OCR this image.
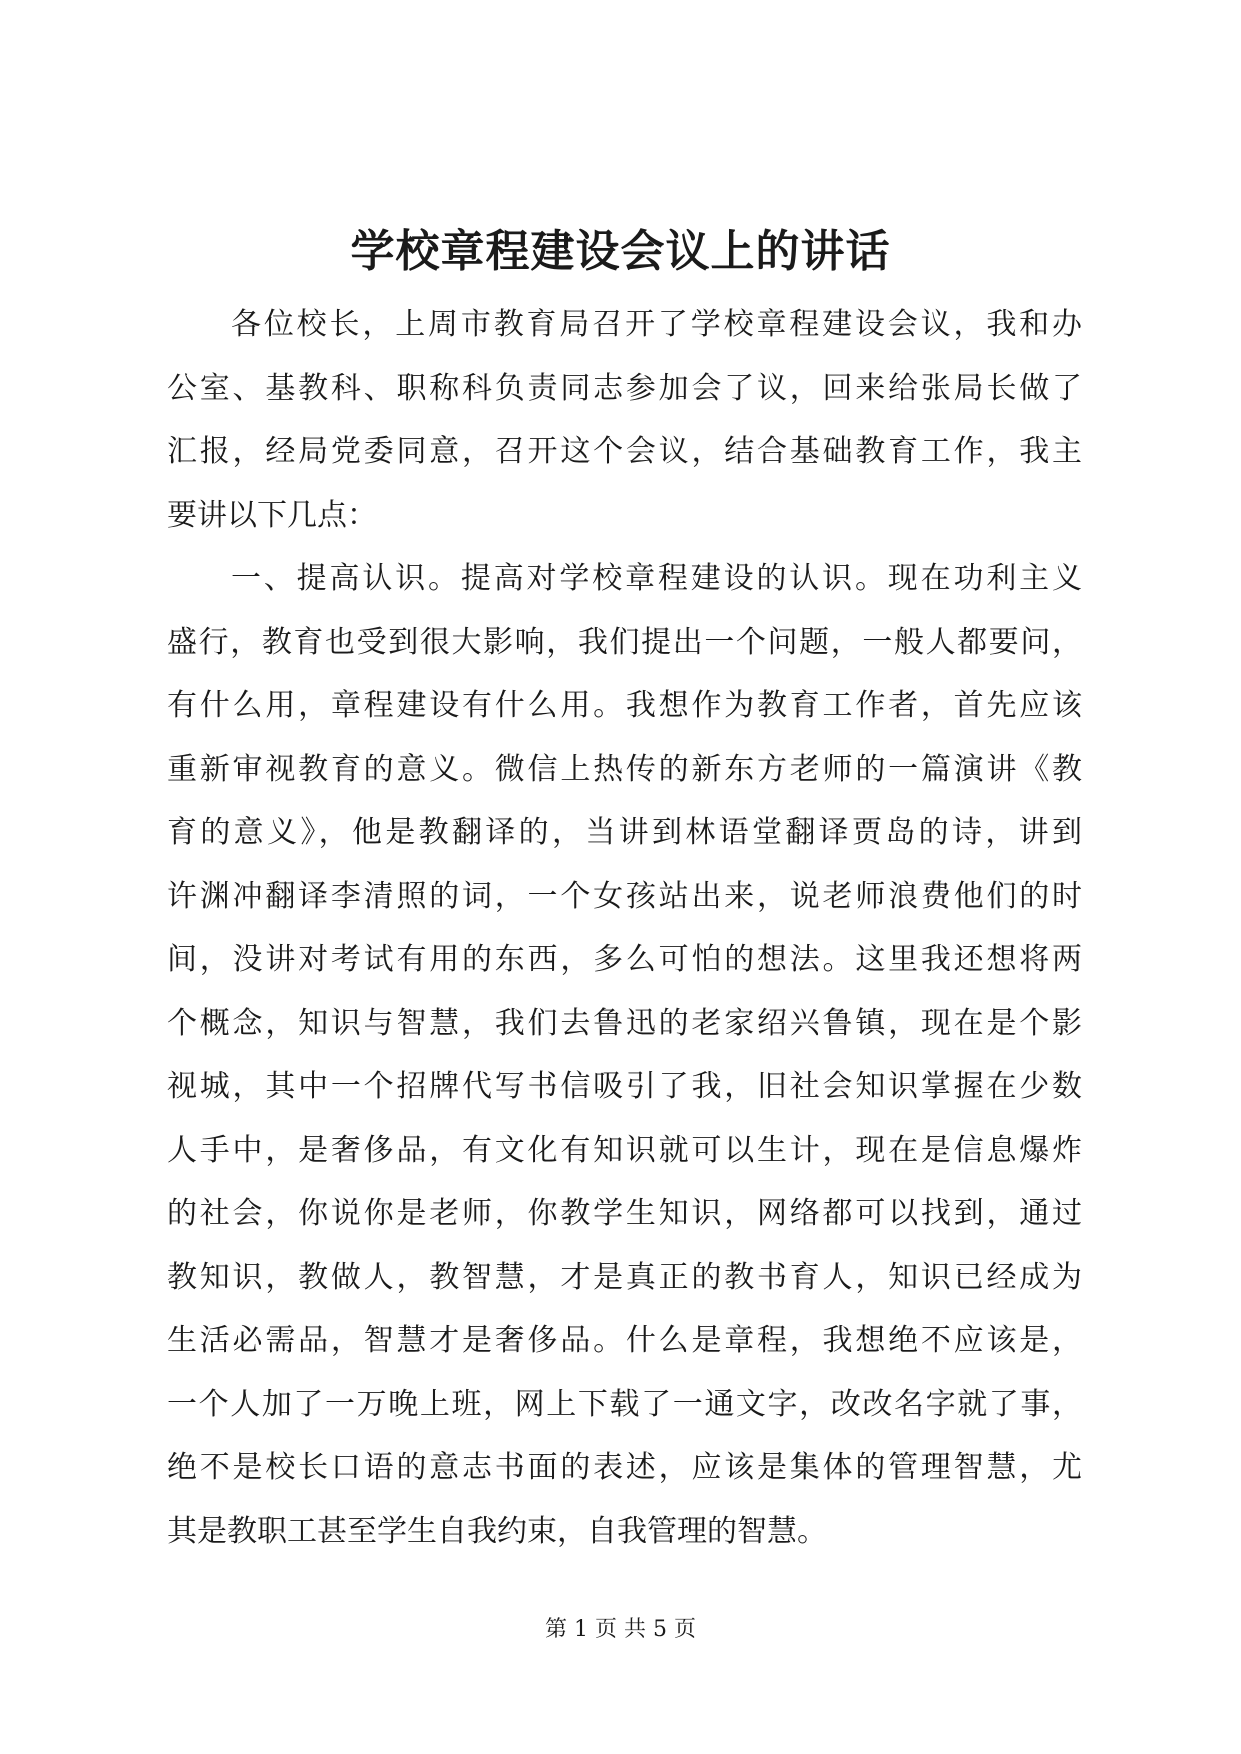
学校章程建设会议上的讲话
各位校长，上周市教育局召开了学校章程建设会议，我和办
公室、基教科、职称科负责同志参加会了议，回来给张局长做了
汇报，经局党委同意，召开这个会议，结合基础教育工作，我主
要讲以下几点：
一、提高认识。提高对学校章程建设的认识。现在功利主义
盛行，教育也受到很大影响，我们提出一个问题，一般人都要问，
有什么用，章程建设有什么用。我想作为教育工作者，首先应该
重新审视教育的意义。微信上热传的新东方老师的一篇演讲《教
育的意义》，他是教翻译的，当讲到林语堂翻译贾岛的诗，讲到
许渊冲翻译李清照的词，一个女孩站出来，说老师浪费他们的时
间，没讲对考试有用的东西，多么可怕的想法。这里我还想将两
个概念，知识与智慧，我们去鲁迅的老家绍兴鲁镇，现在是个影
视城，其中一个招牌代写书信吸引了我，旧社会知识掌握在少数
人手中，是奢侈品，有文化有知识就可以生计，现在是信息爆炸
的社会，你说你是老师，你教学生知识，网络都可以找到，通过
教知识，教做人，教智慧，才是真正的教书育人，知识已经成为
生活必需品，智慧才是奢侈品。什么是章程，我想绝不应该是，
一个人加了一万晚上班，网上下载了一通文字，改改名字就了事，
绝不是校长口语的意志书面的表述，应该是集体的管理智慧，尤
其是教职工甚至学生自我约束，自我管理的智慧。
第 1 页 共 5 页
